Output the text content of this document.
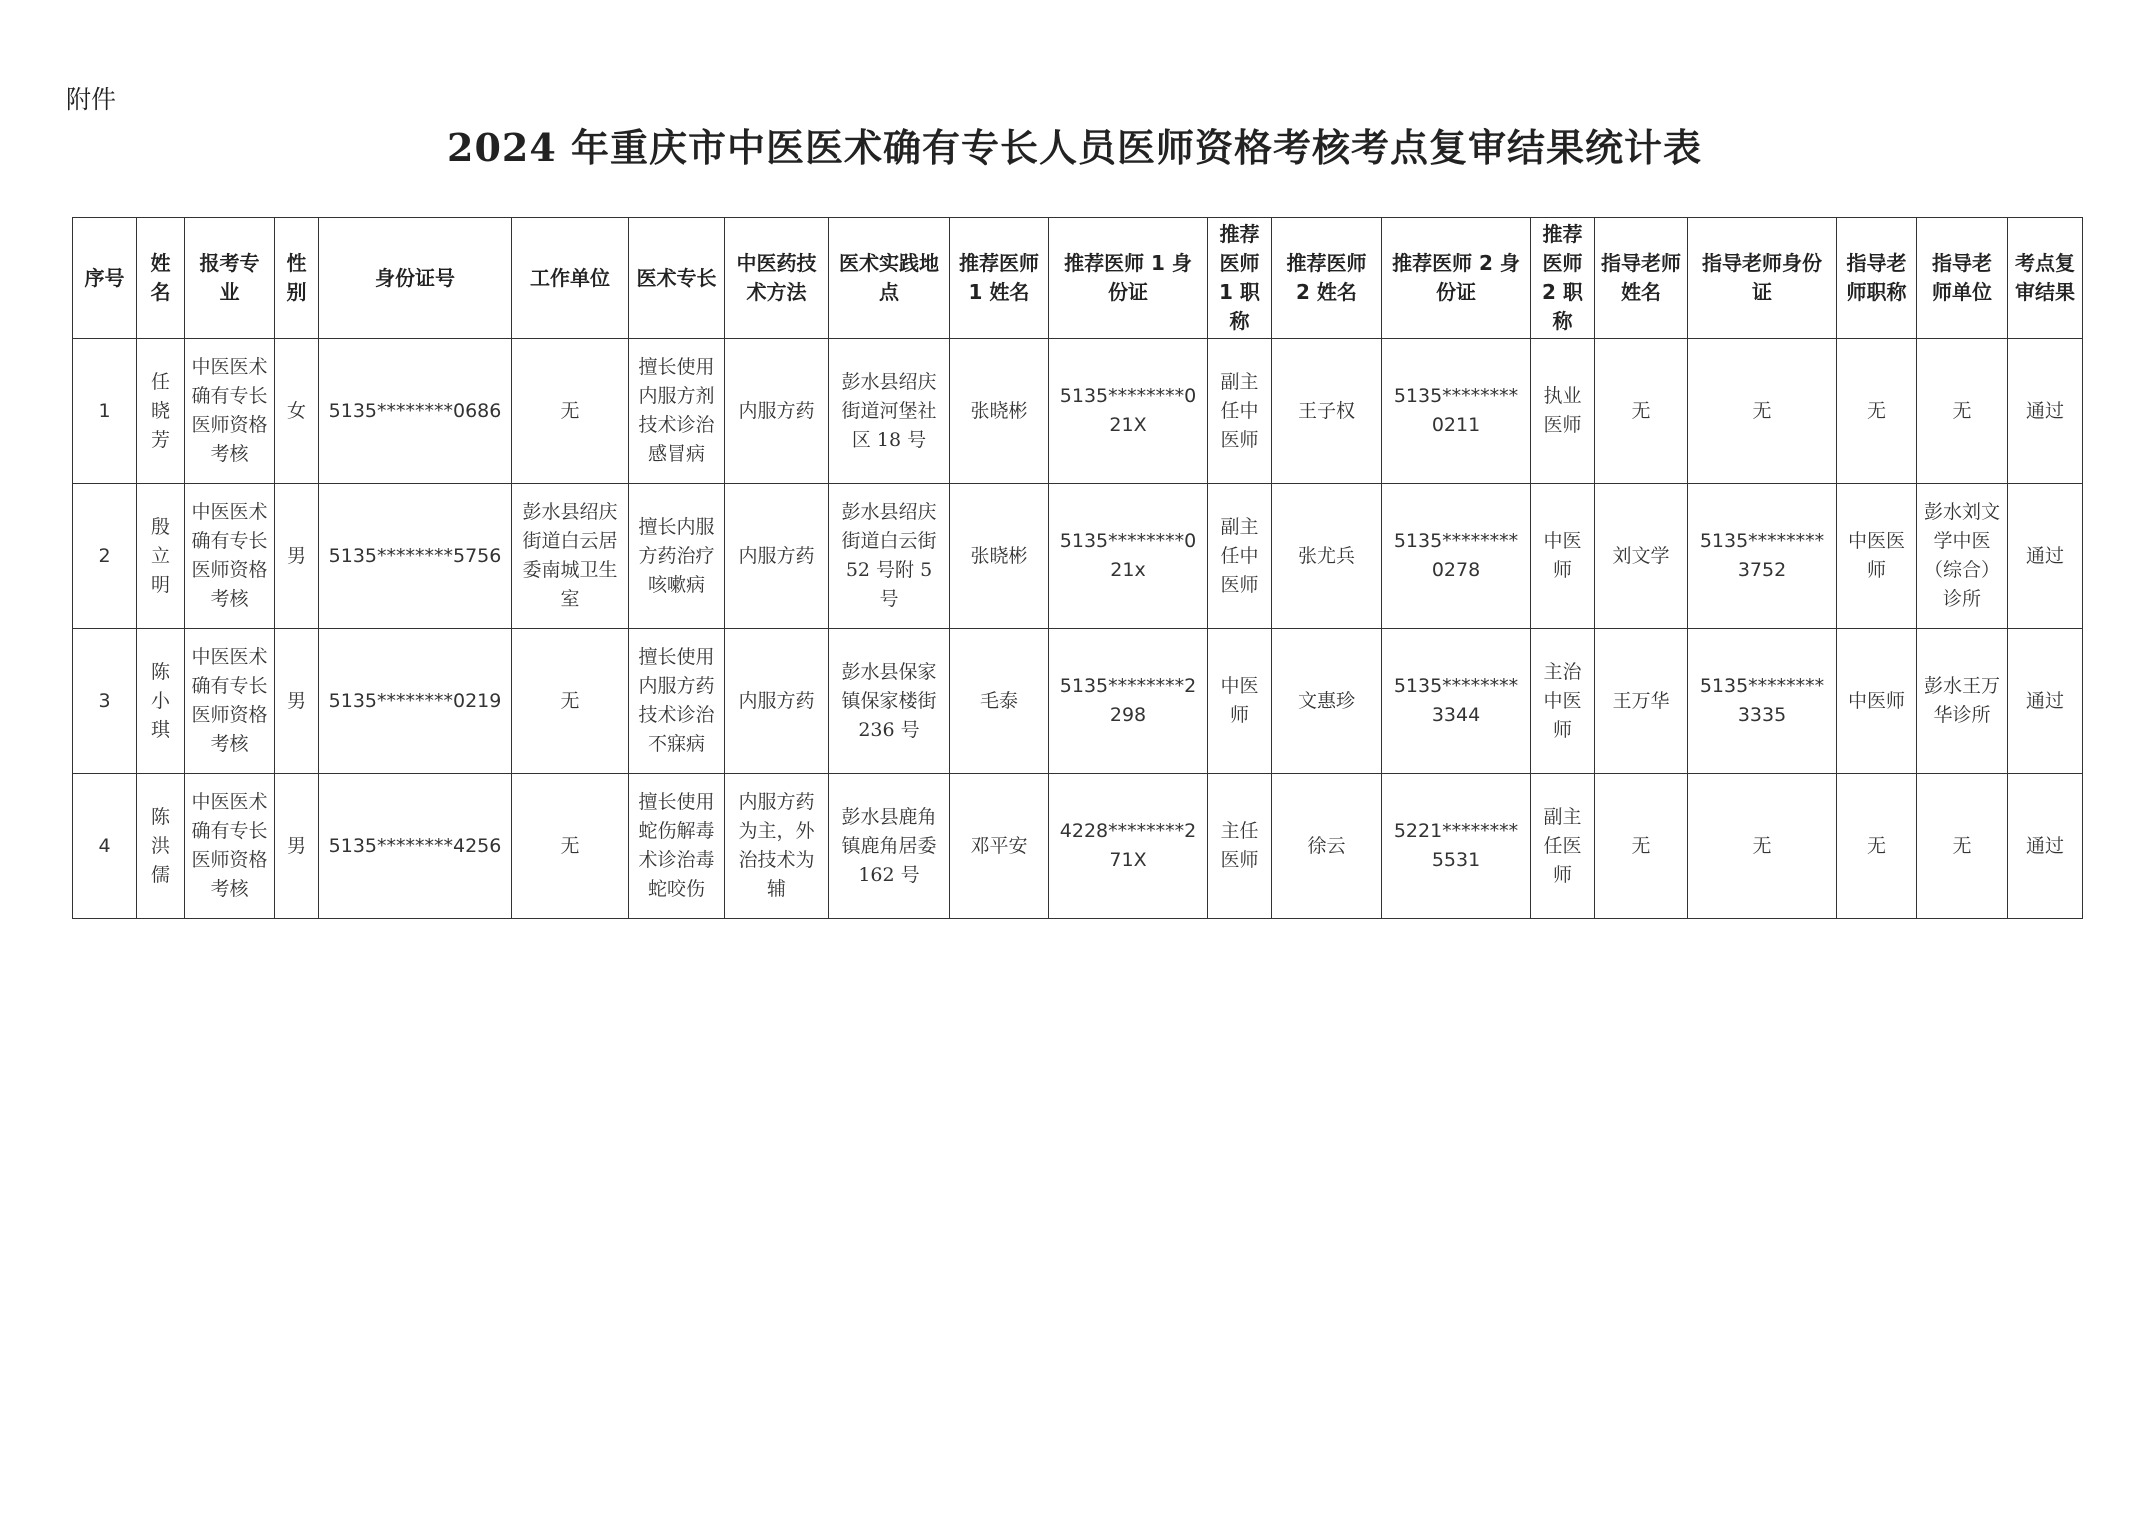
附件
2024 年重庆市中医医术确有专长人员医师资格考核考点复审结果统计表
序号	姓名	报考专业	性别	身份证号	工作单位	医术专长	中医药技术方法	医术实践地点	推荐医师 1 姓名	推荐医师 1 身份证	推荐医师 1 职称	推荐医师 2 姓名	推荐医师 2 身份证	推荐医师 2 职称	指导老师姓名	指导老师身份证	指导老师职称	指导老师单位	考点复审结果
1	任晓芳	中医医术确有专长医师资格考核	女	5135********0686	无	擅长使用内服方剂技术诊治感冒病	内服方药	彭水县绍庆街道河堡社区 18 号	张晓彬	5135********021X	副主任中医师	王子权	5135********0211	执业医师	无	无	无	无	通过
2	殷立明	中医医术确有专长医师资格考核	男	5135********5756	彭水县绍庆街道白云居委南城卫生室	擅长内服方药治疗咳嗽病	内服方药	彭水县绍庆街道白云街 52 号附 5 号	张晓彬	5135********021x	副主任中医师	张尤兵	5135********0278	中医师	刘文学	5135********3752	中医医师	彭水刘文学中医（综合）诊所	通过
3	陈小琪	中医医术确有专长医师资格考核	男	5135********0219	无	擅长使用内服方药技术诊治不寐病	内服方药	彭水县保家镇保家楼街 236 号	毛泰	5135********2298	中医师	文惠珍	5135********3344	主治中医师	王万华	5135********3335	中医师	彭水王万华诊所	通过
4	陈洪儒	中医医术确有专长医师资格考核	男	5135********4256	无	擅长使用蛇伤解毒术诊治毒蛇咬伤	内服方药为主，外治技术为辅	彭水县鹿角镇鹿角居委 162 号	邓平安	4228********271X	主任医师	徐云	5221********5531	副主任医师	无	无	无	无	通过
